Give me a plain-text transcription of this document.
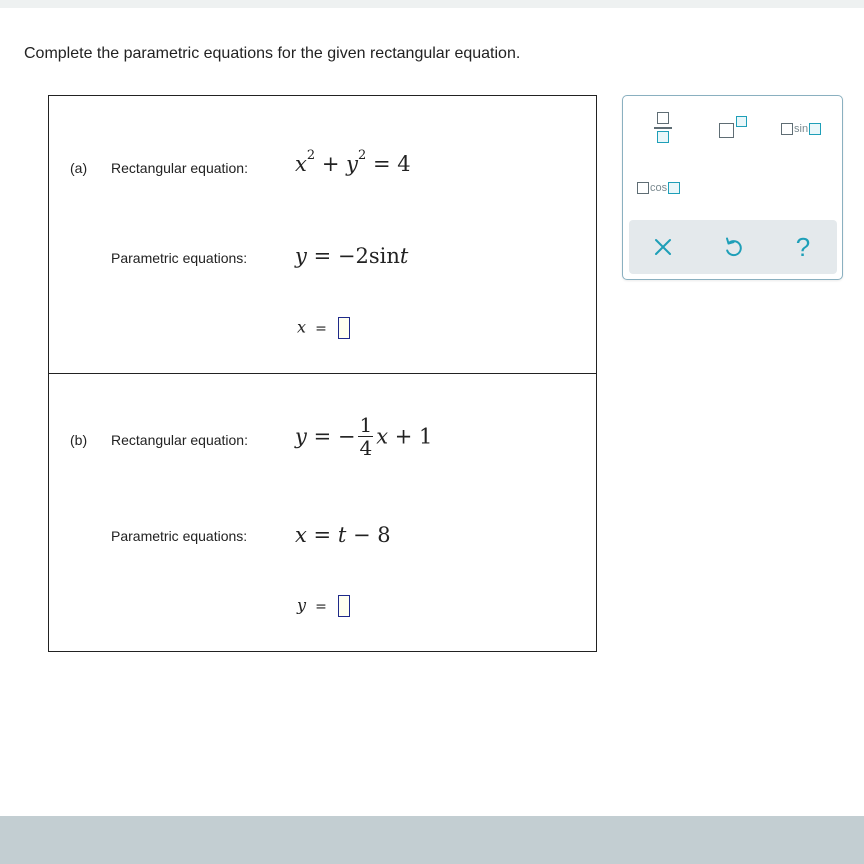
Complete the parametric equations for the given rectangular equation.
(a) Rectangular equation: $x^2 + y^2 = 4$
Parametric equations: y = −2sint
x =
(b) Rectangular equation: y = − $\frac{1}{4}$ x + 1
Parametric equations: x = t − 8
y =
sin
cos
?
